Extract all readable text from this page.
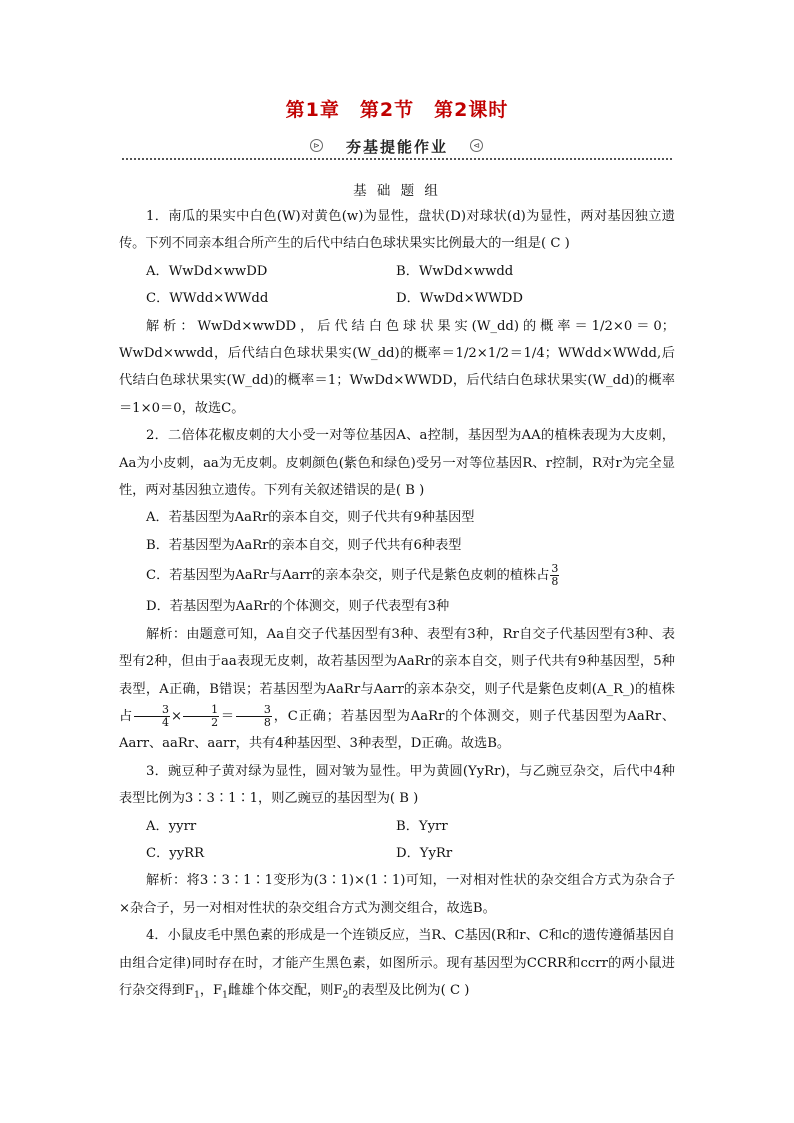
第1章　第2节　第2课时
⊳	夯基提能作业	⊲
基 础 题 组

1．南瓜的果实中白色(W)对黄色(w)为显性，盘状(D)对球状(d)为显性，两对基因独立遗传。下列不同亲本组合所产生的后代中结白色球状果实比例最大的一组是( C )

A．WwDd×wwDD	B．WwDd×wwdd
C．WWdd×WWdd	D．WwDd×WWDD

解析：WwDd×wwDD，后代结白色球状果实(W_dd)的概率＝1/2×0＝0；WwDd×wwdd，后代结白色球状果实(W_dd)的概率＝1/2×1/2＝1/4；WWdd×WWdd,后代结白色球状果实(W_dd)的概率＝1；WwDd×WWDD，后代结白色球状果实(W_dd)的概率＝1×0＝0，故选C。

2．二倍体花椒皮刺的大小受一对等位基因A、a控制，基因型为AA的植株表现为大皮刺，Aa为小皮刺，aa为无皮刺。皮刺颜色(紫色和绿色)受另一对等位基因R、r控制，R对r为完全显性，两对基因独立遗传。下列有关叙述错误的是( B )

A．若基因型为AaRr的亲本自交，则子代共有9种基因型

B．若基因型为AaRr的亲本自交，则子代共有6种表型

C．若基因型为AaRr与Aarr的亲本杂交，则子代是紫色皮刺的植株占 $\frac{3}{8}$

D．若基因型为AaRr的个体测交，则子代表型有3种

解析：由题意可知，Aa自交子代基因型有3种、表型有3种，Rr自交子代基因型有3种、表型有2种，但由于aa表现无皮刺，故若基因型为AaRr的亲本自交，则子代共有9种基因型，5种表型，A正确，B错误；若基因型为AaRr与Aarr的亲本杂交，则子代是紫色皮刺(A_R_)的植株占 $\frac{3}{4} \times \frac{1}{2} = \frac{3}{8}$ ，C正确；若基因型为AaRr的个体测交，则子代基因型为AaRr、Aarr、aaRr、aarr，共有4种基因型、3种表型，D正确。故选B。

3．豌豆种子黄对绿为显性，圆对皱为显性。甲为黄圆(YyRr)，与乙豌豆杂交，后代中4种表型比例为3∶3∶1∶1，则乙豌豆的基因型为( B )

A．yyrr	B．Yyrr
C．yyRR	D．YyRr

解析：将3∶3∶1∶1变形为(3∶1)×(1∶1)可知，一对相对性状的杂交组合方式为杂合子×杂合子，另一对相对性状的杂交组合方式为测交组合，故选B。

4．小鼠皮毛中黑色素的形成是一个连锁反应，当R、C基因(R和r、C和c的遗传遵循基因自由组合定律)同时存在时，才能产生黑色素，如图所示。现有基因型为CCRR和ccrr的两小鼠进行杂交得到$F_1$，$F_1$雌雄个体交配，则$F_2$的表型及比例为( C )
